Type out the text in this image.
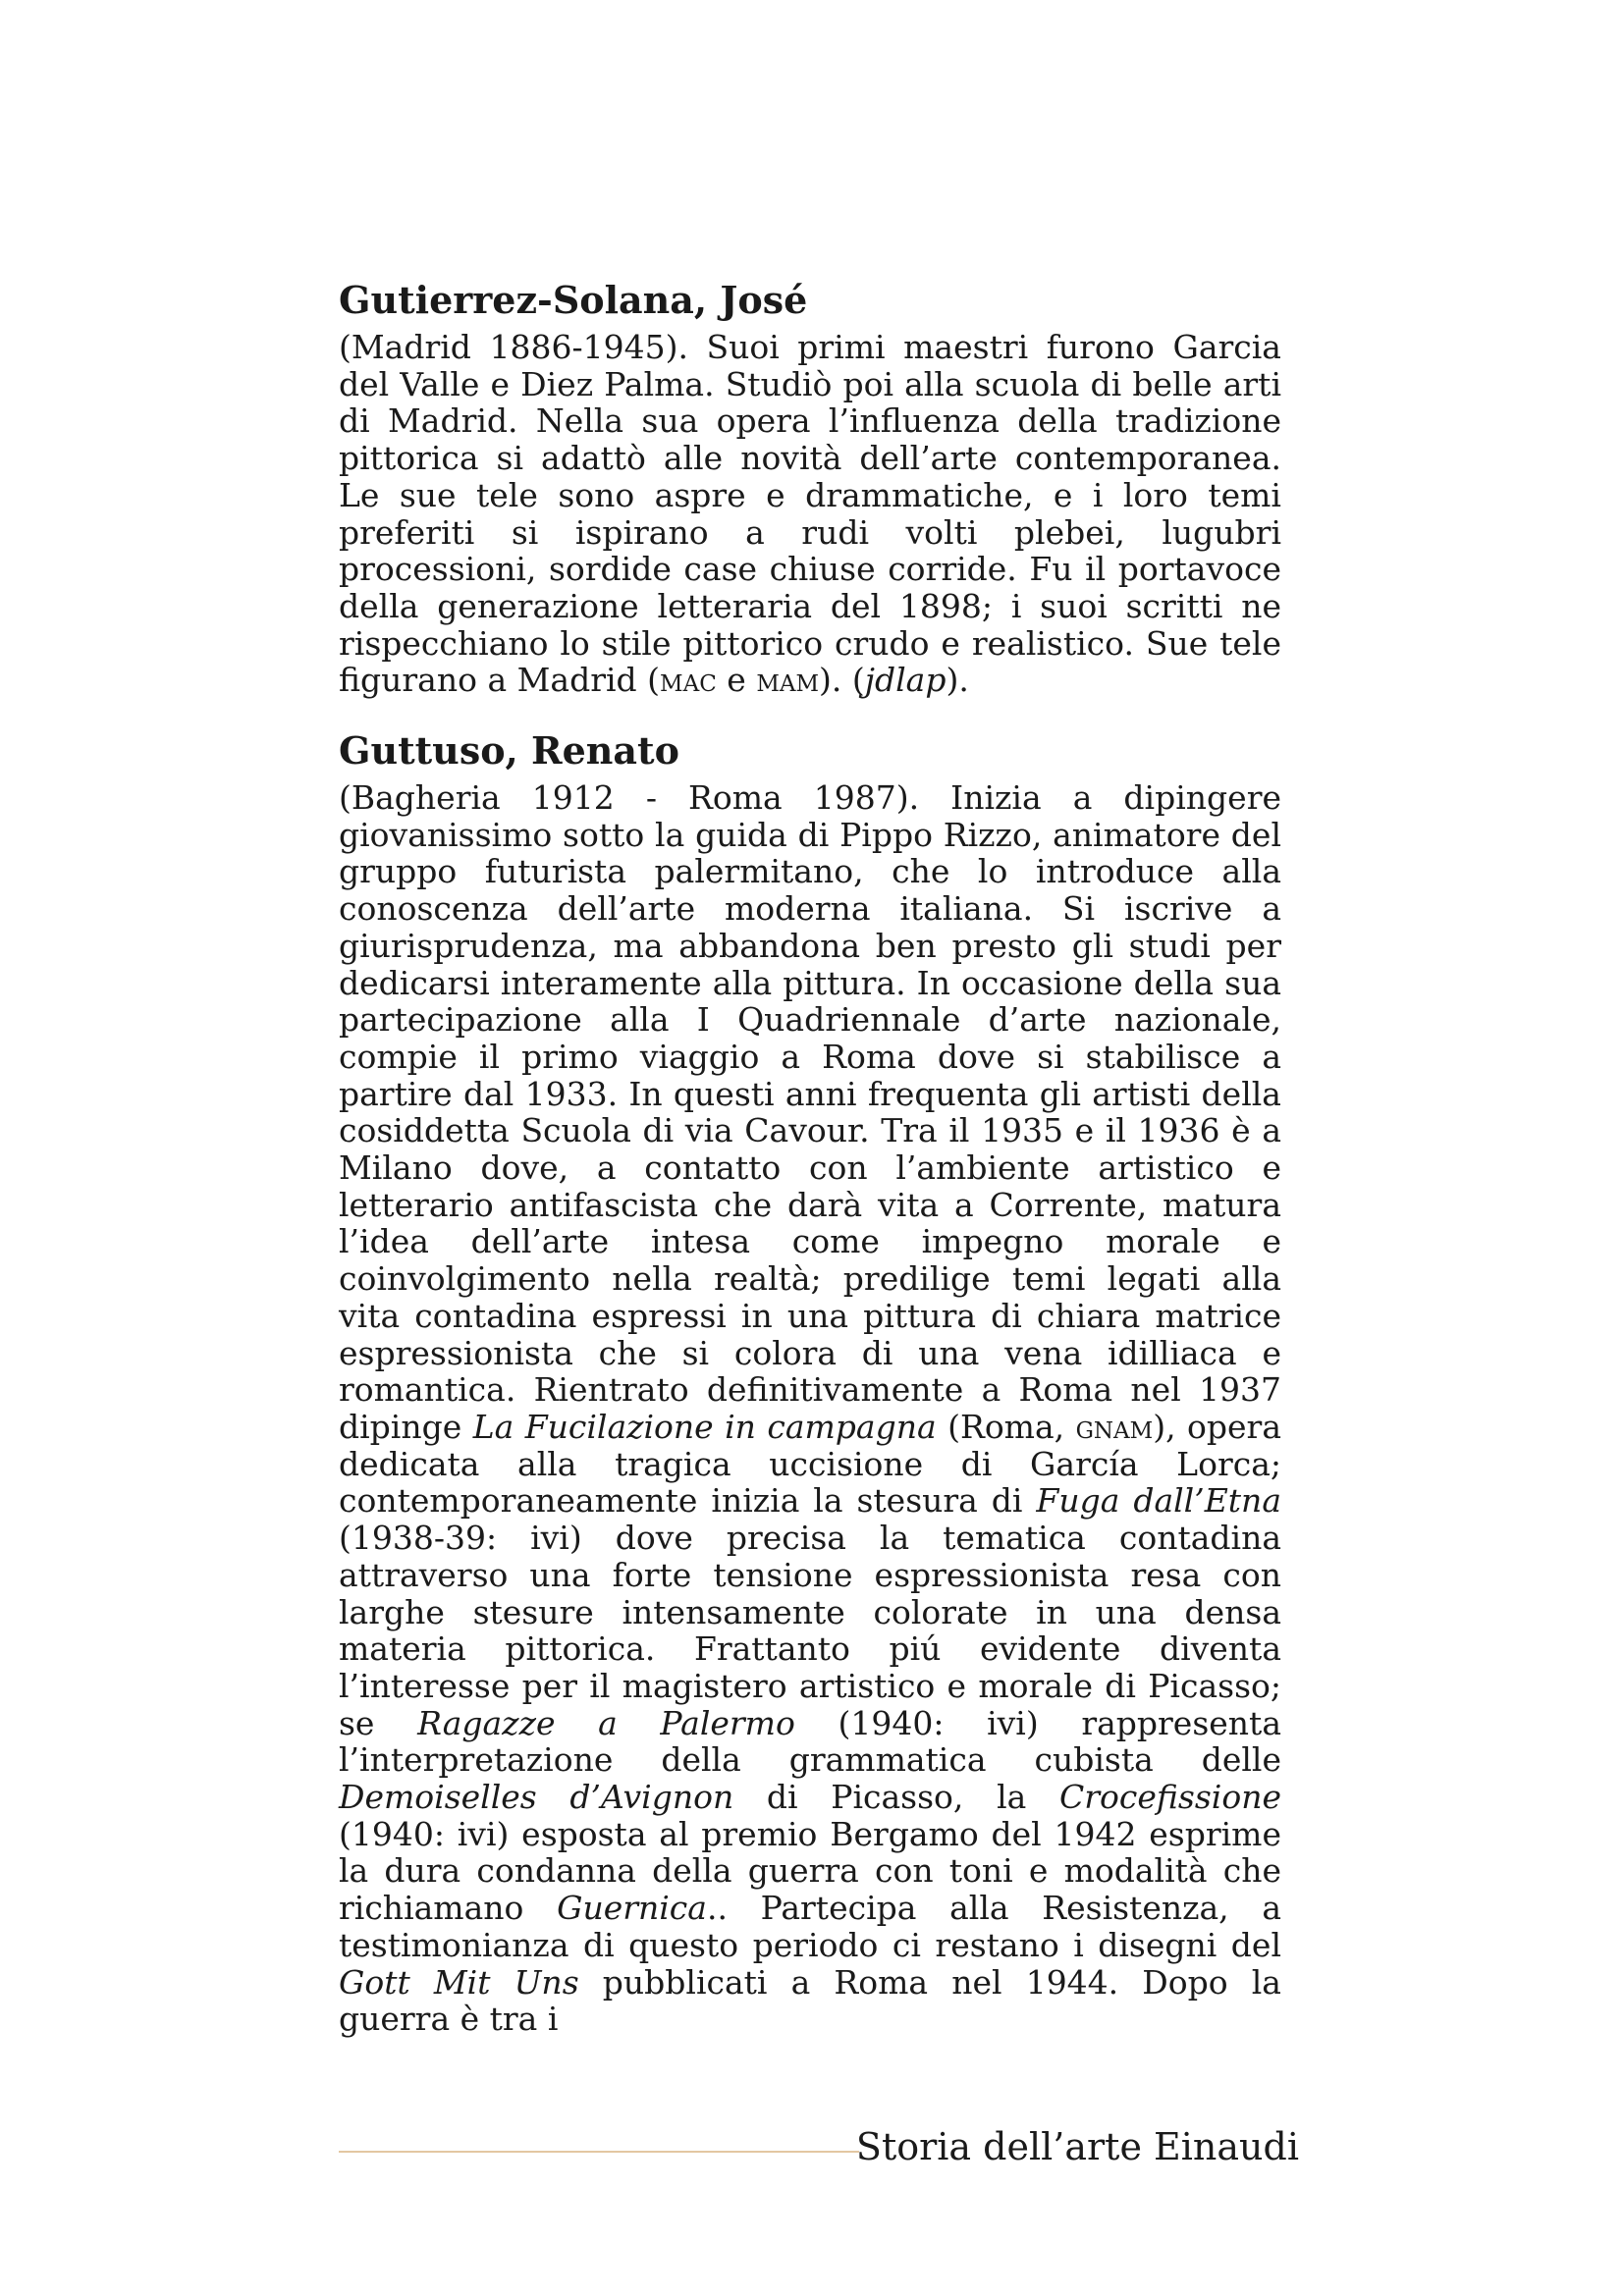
Gutierrez-Solana, José

(Madrid 1886-1945). Suoi primi maestri furono Garcia del Valle e Diez Palma. Studiò poi alla scuola di belle arti di Madrid. Nella sua opera l’influenza della tradizione pittorica si adattò alle novità dell’arte contemporanea. Le sue tele sono aspre e drammatiche, e i loro temi preferiti si ispirano a rudi volti plebei, lugubri processioni, sordide case chiuse corride. Fu il portavoce della generazione letteraria del 1898; i suoi scritti ne rispecchiano lo stile pittorico crudo e realistico. Sue tele figurano a Madrid (mac e mam). (jdlap).

Guttuso, Renato

(Bagheria 1912 - Roma 1987). Inizia a dipingere giovanissimo sotto la guida di Pippo Rizzo, animatore del gruppo futurista palermitano, che lo introduce alla conoscenza dell’arte moderna italiana. Si iscrive a giurisprudenza, ma abbandona ben presto gli studi per dedicarsi interamente alla pittura. In occasione della sua partecipazione alla I Quadriennale d’arte nazionale, compie il primo viaggio a Roma dove si stabilisce a partire dal 1933. In questi anni frequenta gli artisti della cosiddetta Scuola di via Cavour. Tra il 1935 e il 1936 è a Milano dove, a contatto con l’ambiente artistico e letterario antifascista che darà vita a Corrente, matura l’idea dell’arte intesa come impegno morale e coinvolgimento nella realtà; predilige temi legati alla vita contadina espressi in una pittura di chiara matrice espressionista che si colora di una vena idilliaca e romantica. Rientrato definitivamente a Roma nel 1937 dipinge La Fucilazione in campagna (Roma, gnam), opera dedicata alla tragica uccisione di García Lorca; contemporaneamente inizia la stesura di Fuga dall’Etna (1938-39: ivi) dove precisa la tematica contadina attraverso una forte tensione espressionista resa con larghe stesure intensamente colorate in una densa materia pittorica. Frattanto piú evidente diventa l’interesse per il magistero artistico e morale di Picasso; se Ragazze a Palermo (1940: ivi) rappresenta l’interpretazione della grammatica cubista delle Demoiselles d’Avignon di Picasso, la Crocefissione (1940: ivi) esposta al premio Bergamo del 1942 esprime la dura condanna della guerra con toni e modalità che richiamano Guernica.. Partecipa alla Resistenza, a testimonianza di questo periodo ci restano i disegni del Gott Mit Uns pubblicati a Roma nel 1944. Dopo la guerra è tra i

Storia dell’arte Einaudi
